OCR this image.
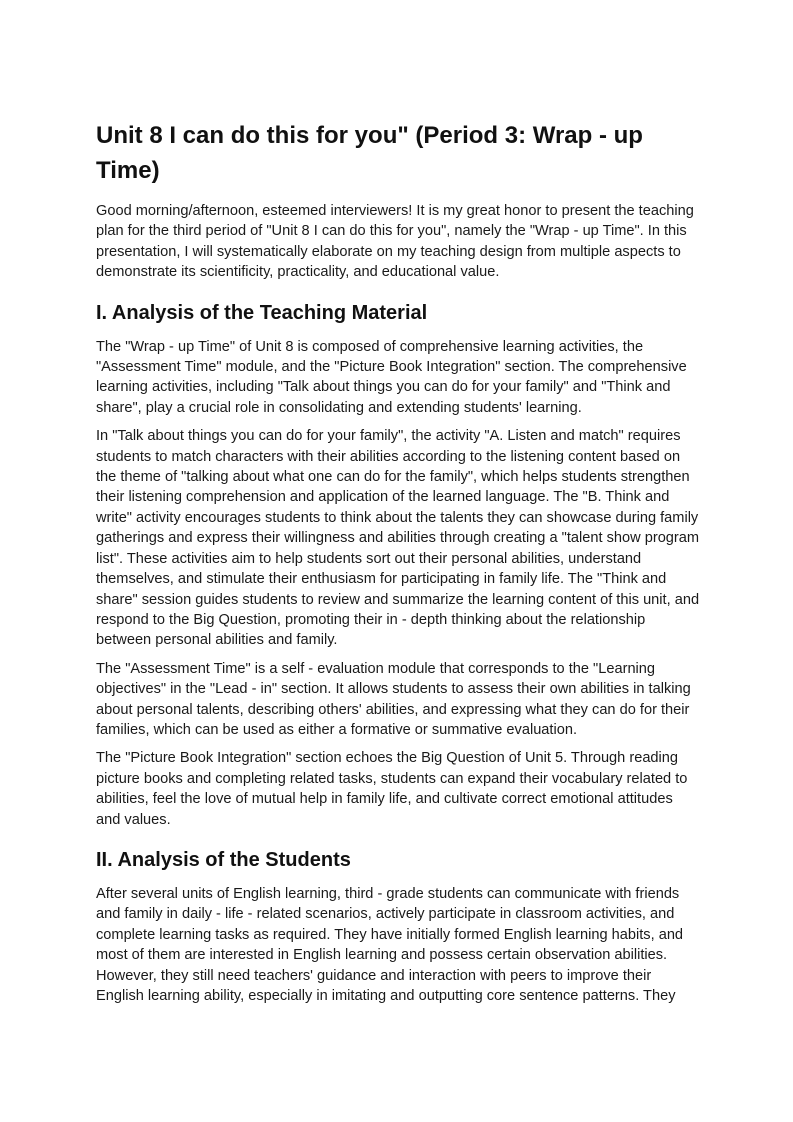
Unit 8 I can do this for you" (Period 3: Wrap - up Time)

Good morning/afternoon, esteemed interviewers! It is my great honor to present the teaching plan for the third period of "Unit 8 I can do this for you", namely the "Wrap - up Time". In this presentation, I will systematically elaborate on my teaching design from multiple aspects to demonstrate its scientificity, practicality, and educational value.

I. Analysis of the Teaching Material

The "Wrap - up Time" of Unit 8 is composed of comprehensive learning activities, the "Assessment Time" module, and the "Picture Book Integration" section. The comprehensive learning activities, including "Talk about things you can do for your family" and "Think and share", play a crucial role in consolidating and extending students' learning.

In "Talk about things you can do for your family", the activity "A. Listen and match" requires students to match characters with their abilities according to the listening content based on the theme of "talking about what one can do for the family", which helps students strengthen their listening comprehension and application of the learned language. The "B. Think and write" activity encourages students to think about the talents they can showcase during family gatherings and express their willingness and abilities through creating a "talent show program list". These activities aim to help students sort out their personal abilities, understand themselves, and stimulate their enthusiasm for participating in family life. The "Think and share" session guides students to review and summarize the learning content of this unit, and respond to the Big Question, promoting their in - depth thinking about the relationship between personal abilities and family.

The "Assessment Time" is a self - evaluation module that corresponds to the "Learning objectives" in the "Lead - in" section. It allows students to assess their own abilities in talking about personal talents, describing others' abilities, and expressing what they can do for their families, which can be used as either a formative or summative evaluation.

The "Picture Book Integration" section echoes the Big Question of Unit 5. Through reading picture books and completing related tasks, students can expand their vocabulary related to abilities, feel the love of mutual help in family life, and cultivate correct emotional attitudes and values.

II. Analysis of the Students

After several units of English learning, third - grade students can communicate with friends and family in daily - life - related scenarios, actively participate in classroom activities, and complete learning tasks as required. They have initially formed English learning habits, and most of them are interested in English learning and possess certain observation abilities. However, they still need teachers' guidance and interaction with peers to improve their English learning ability, especially in imitating and outputting core sentence patterns. They
